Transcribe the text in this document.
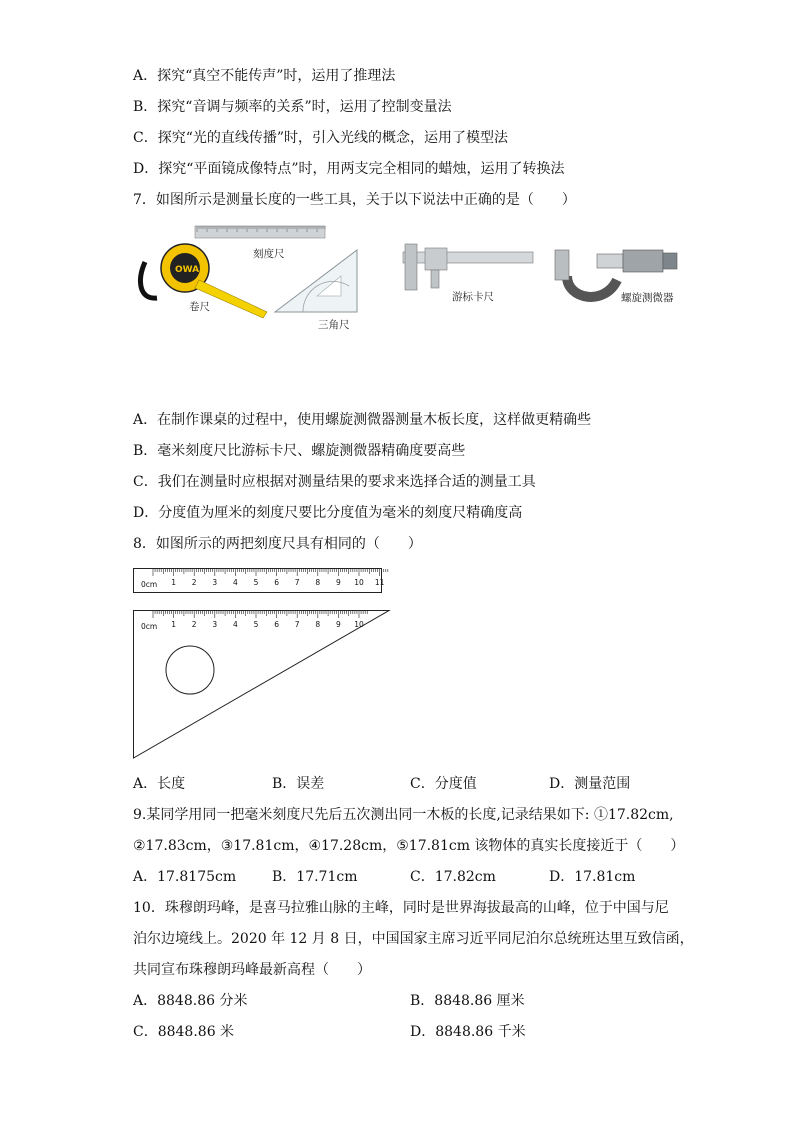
A．探究“真空不能传声”时，运用了推理法
B．探究“音调与频率的关系”时，运用了控制变量法
C．探究“光的直线传播”时，引入光线的概念，运用了模型法
D．探究“平面镜成像特点”时，用两支完全相同的蜡烛，运用了转换法
7．如图所示是测量长度的一些工具，关于以下说法中正确的是（　　）
OWAS
刻度尺
卷尺
三角尺
游标卡尺	螺旋测微器
A．在制作课桌的过程中，使用螺旋测微器测量木板长度，这样做更精确些
B．毫米刻度尺比游标卡尺、螺旋测微器精确度要高些
C．我们在测量时应根据对测量结果的要求来选择合适的测量工具
D．分度值为厘米的刻度尺要比分度值为毫米的刻度尺精确度高
8．如图所示的两把刻度尺具有相同的（　　）
0cm 1 2 3 4 5 6 7 8 9 10 11
0cm 1 2 3 4 5 6 7 8 9 10
A．长度	B．误差	C．分度值	D．测量范围
9.某同学用同一把毫米刻度尺先后五次测出同一木板的长度,记录结果如下: ①17.82cm,
②17.83cm，③17.81cm，④17.28cm，⑤17.81cm 该物体的真实长度接近于（　　）
A．17.8175cm	B．17.71cm	C．17.82cm	D．17.81cm
10．珠穆朗玛峰，是喜马拉雅山脉的主峰，同时是世界海拔最高的山峰，位于中国与尼
泊尔边境线上。2020 年 12 月 8 日，中国国家主席习近平同尼泊尔总统班达里互致信函，
共同宣布珠穆朗玛峰最新高程（　　）
A．8848.86 分米	B．8848.86 厘米
C．8848.86 米	D．8848.86 千米
